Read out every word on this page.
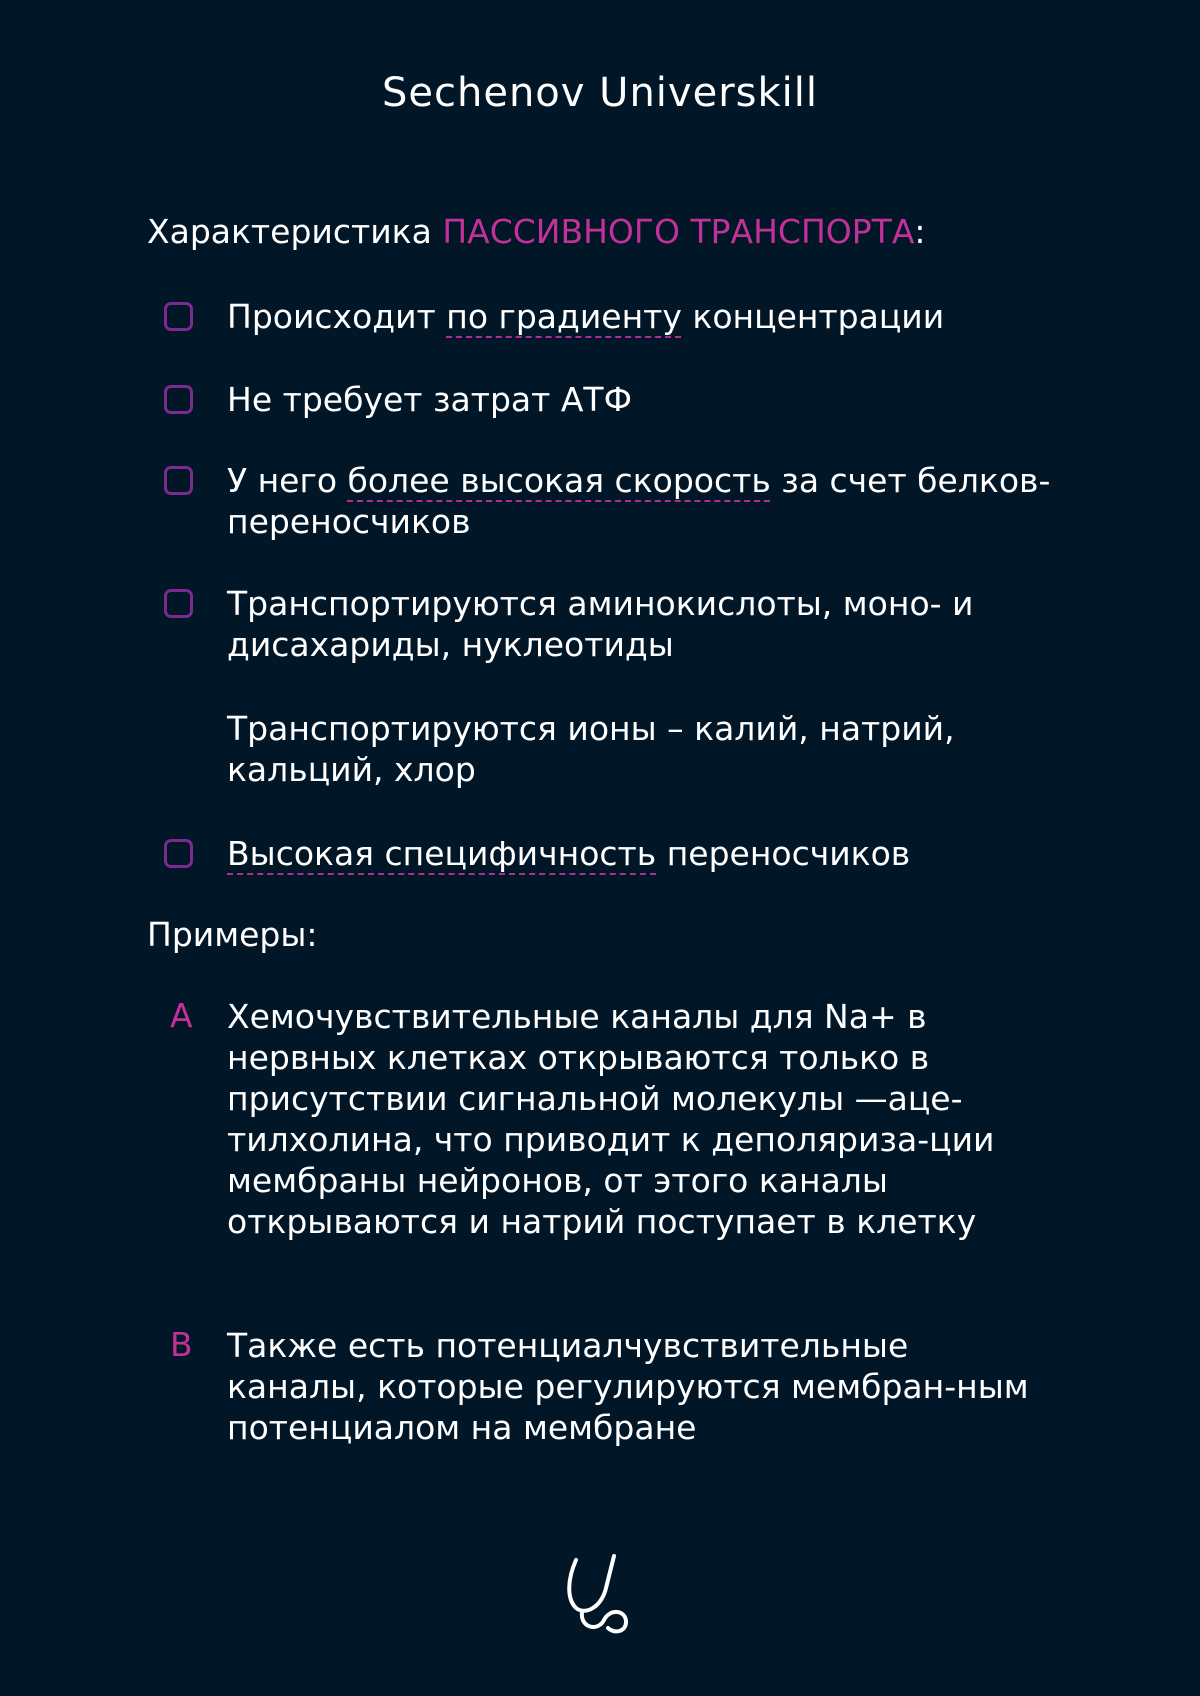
Sechenov Universkill
Характеристика ПАССИВНОГО ТРАНСПОРТА:
Происходит по градиенту концентрации
Не требует затрат АТФ
У него более высокая скорость за счет белков-переносчиков
Транспортируются аминокислоты, моно- и дисахариды, нуклеотиды
Транспортируются ионы – калий, натрий, кальций, хлор
Высокая специфичность переносчиков
Примеры:
А Хемочувствительные каналы для Na+ в нервных клетках открываются только в присутствии сигнальной молекулы —аце-тилхолина, что приводит к деполяриза-ции мембраны нейронов, от этого каналы открываются и натрий поступает в клетку
В Также есть потенциалчувствительные каналы, которые регулируются мембран-ным потенциалом на мембране
